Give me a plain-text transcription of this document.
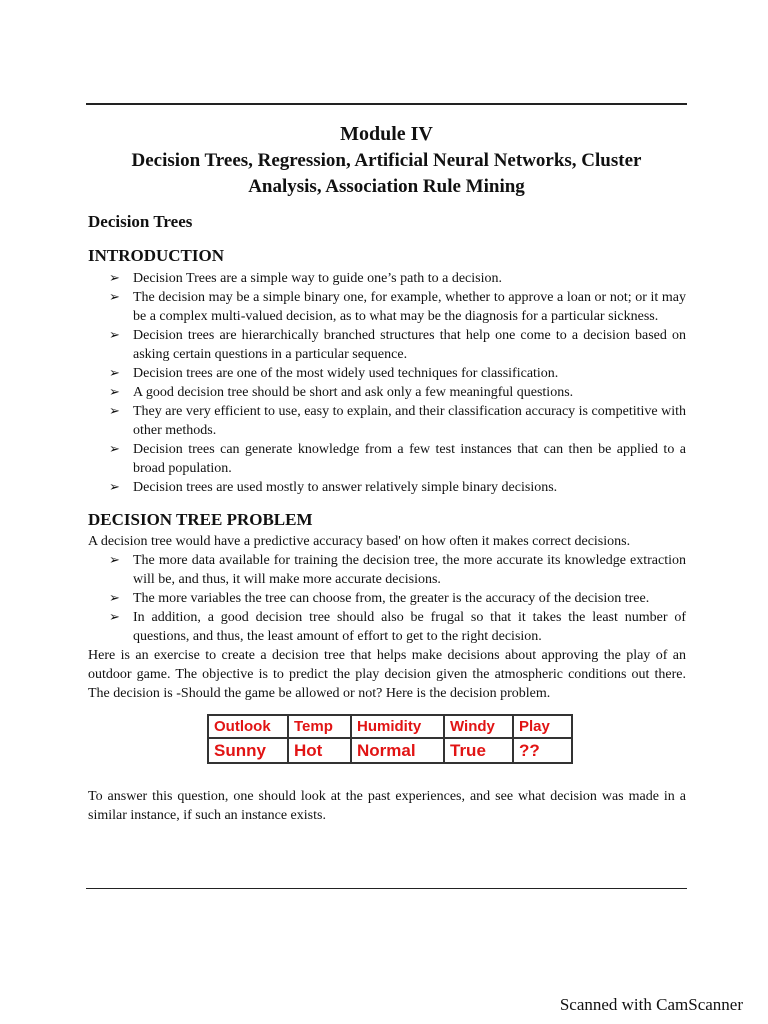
Module IV
Decision Trees, Regression, Artificial Neural Networks, Cluster
Analysis, Association Rule Mining
Decision Trees
INTRODUCTION
➢ Decision Trees are a simple way to guide one’s path to a decision.
➢ The decision may be a simple binary one, for example, whether to approve a loan or not; or it may be a complex multi-valued decision, as to what may be the diagnosis for a particular sickness.
➢ Decision trees are hierarchically branched structures that help one come to a decision based on asking certain questions in a particular sequence.
➢ Decision trees are one of the most widely used techniques for classification.
➢ A good decision tree should be short and ask only a few meaningful questions.
➢ They are very efficient to use, easy to explain, and their classification accuracy is competitive with other methods.
➢ Decision trees can generate knowledge from a few test instances that can then be applied to a broad population.
➢ Decision trees are used mostly to answer relatively simple binary decisions.
DECISION TREE PROBLEM

A decision tree would have a predictive accuracy based' on how often it makes correct decisions.

➢ The more data available for training the decision tree, the more accurate its knowledge extraction will be, and thus, it will make more accurate decisions.
➢ The more variables the tree can choose from, the greater is the accuracy of the decision tree.
➢ In addition, a good decision tree should also be frugal so that it takes the least number of questions, and thus, the least amount of effort to get to the right decision.

Here is an exercise to create a decision tree that helps make decisions about approving the play of an outdoor game. The objective is to predict the play decision given the atmospheric conditions out there. The decision is -Should the game be allowed or not? Here is the decision problem.

Outlook	Temp	Humidity	Windy	Play
Sunny	Hot	Normal	True	??

To answer this question, one should look at the past experiences, and see what decision was made in a similar instance, if such an instance exists.

Scanned with CamScanner
